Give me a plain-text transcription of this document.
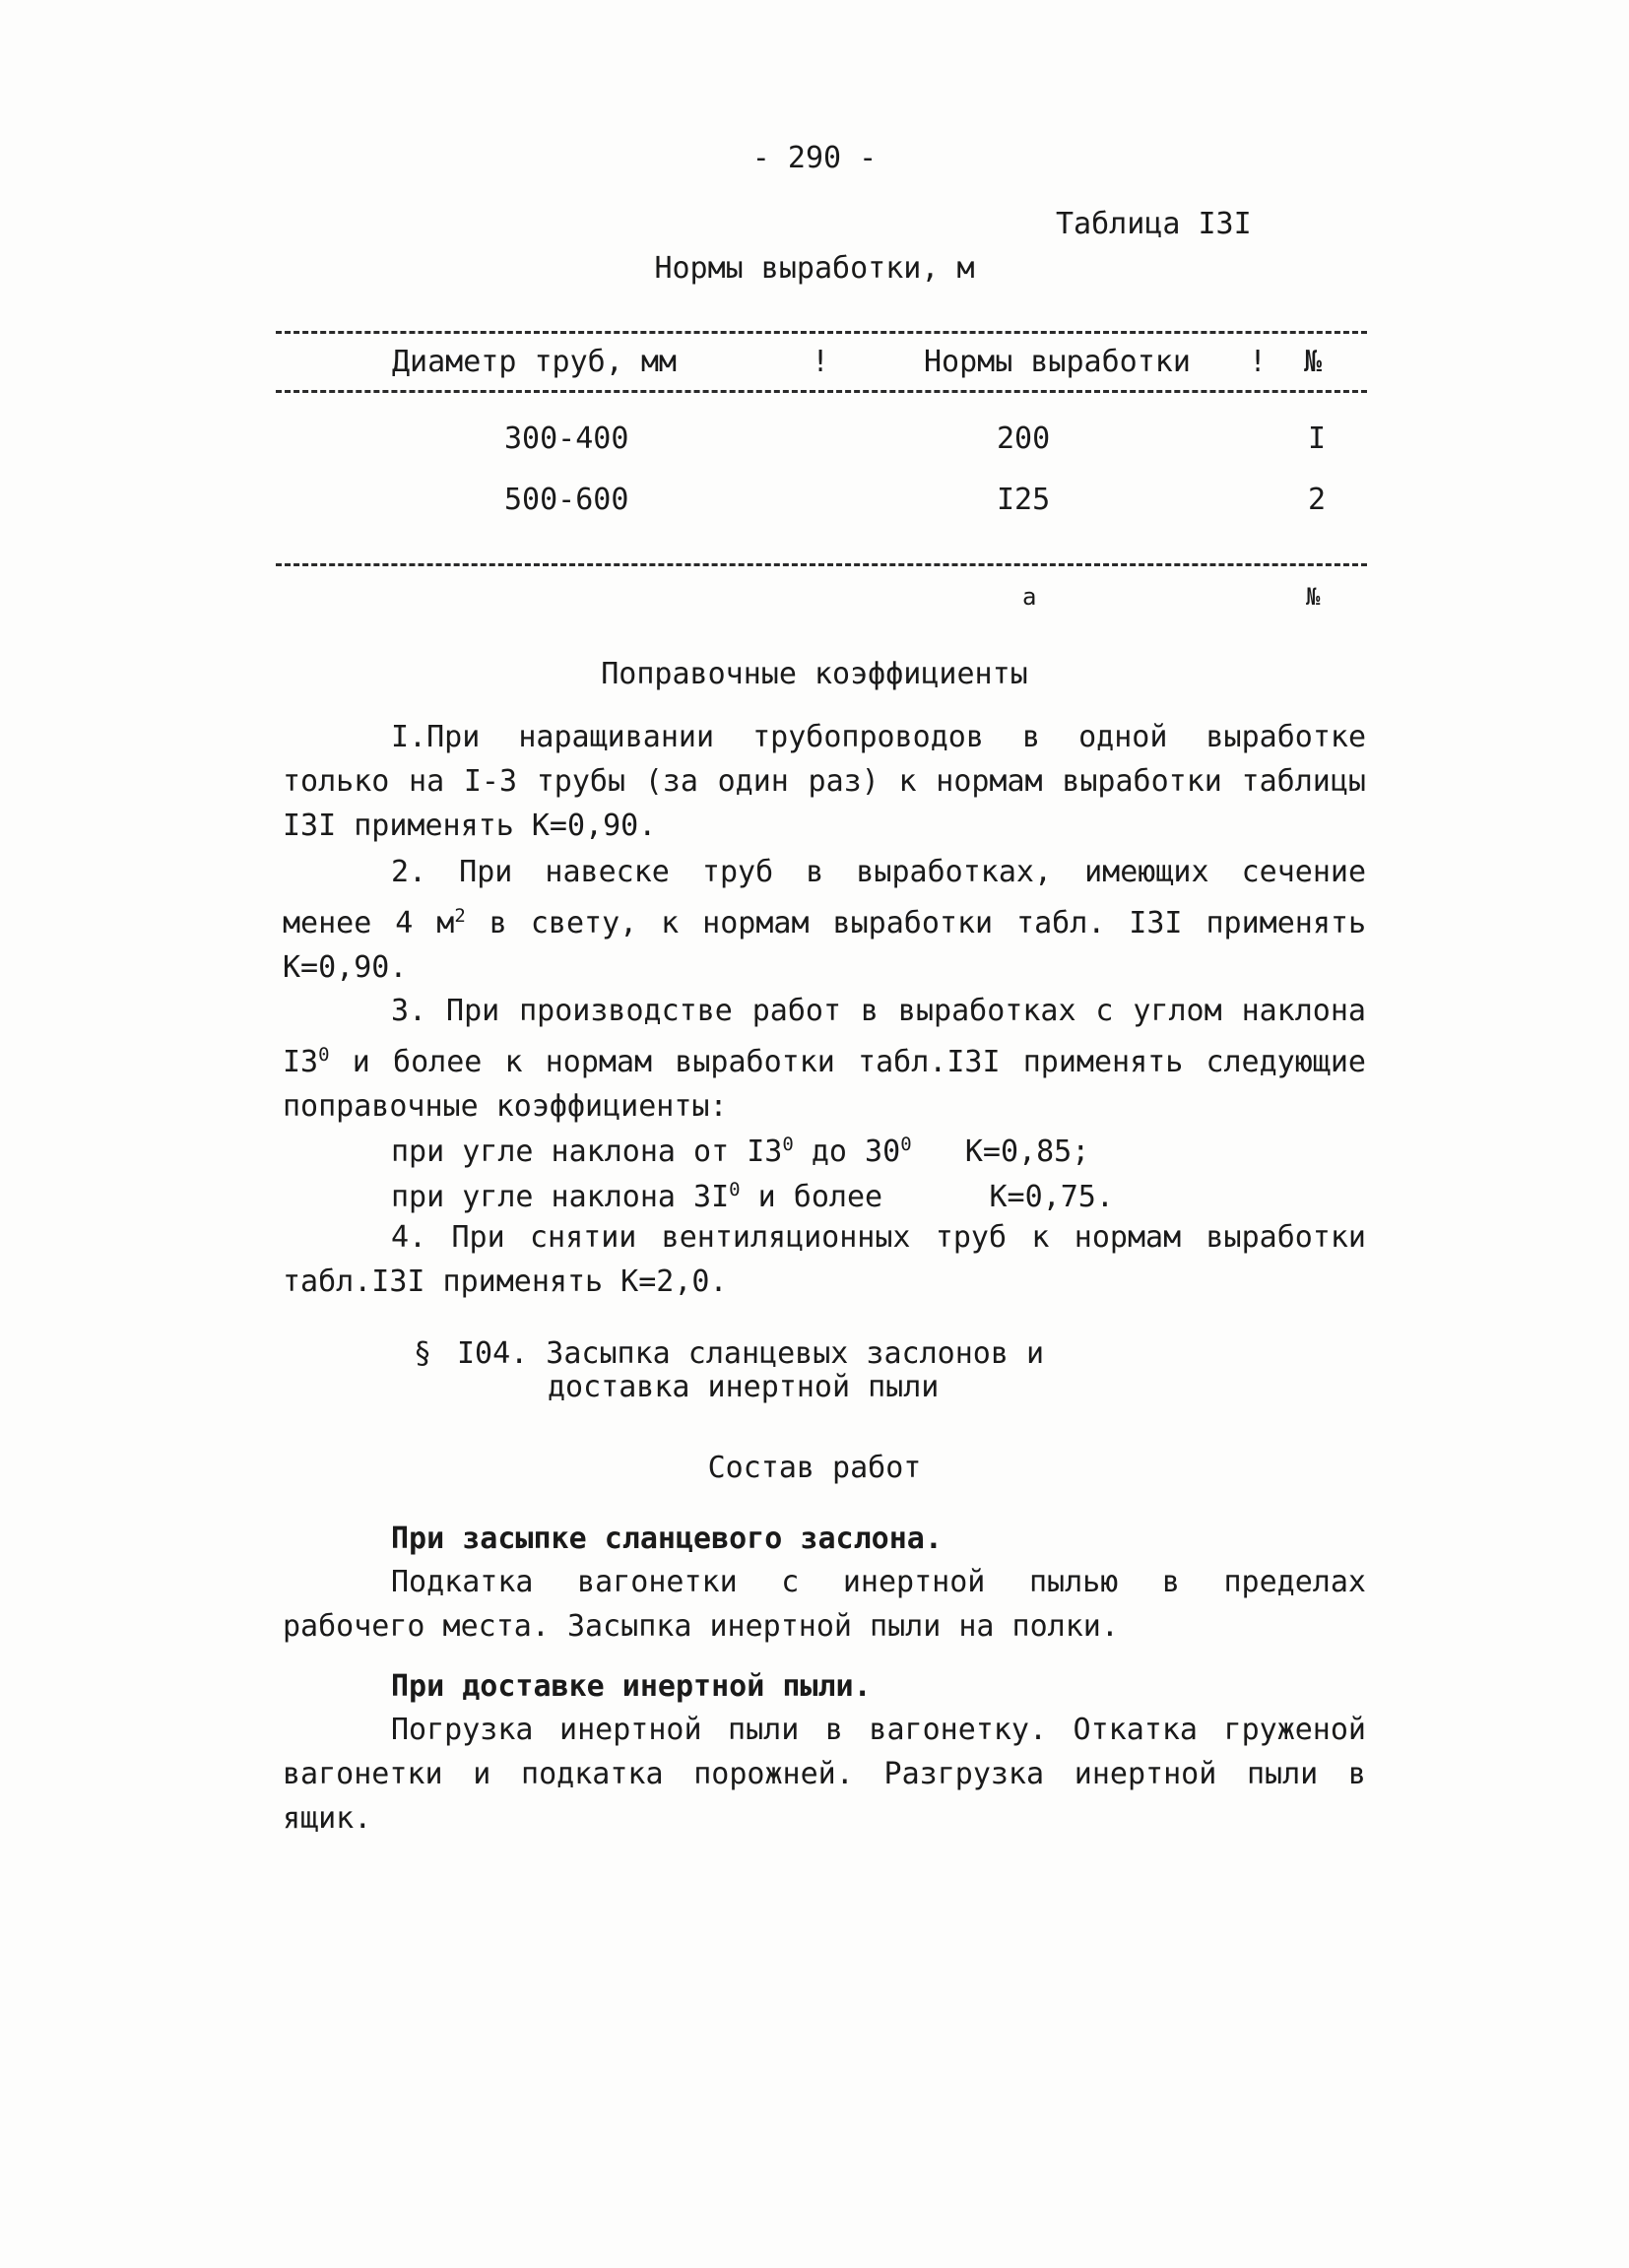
- 290 -
Таблица I3I
Нормы выработки, м
Диаметр труб, мм	!	Нормы выработки ! №
300-400	200	I
500-600	I25	2
а	№
Поправочные коэффициенты
I.При наращивании трубопроводов в одной выработке только на I-3 трубы (за один раз) к нормам выработки таблицы I3I применять К=0,90.
2. При навеске труб в выработках, имеющих сечение менее 4 $м^2$ в свету, к нормам выработки табл. I3I применять К=0,90.
3. При производстве работ в выработках с углом наклона $I3^0$ и более к нормам выработки табл.I3I применять следующие поправочные коэффициенты:
при угле наклона от $I3^0$ до $30^0$   К=0,85;
при угле наклона $3I^0$ и более      К=0,75.
4. При снятии вентиляционных труб к нормам выработки табл.I3I применять К=2,0.
§ I04. Засыпка сланцевых заслонов и
доставка инертной пыли
Состав работ
При засыпке сланцевого заслона.
Подкатка вагонетки с инертной пылью в пределах рабочего места. Засыпка инертной пыли на полки.
При доставке инертной пыли.
Погрузка инертной пыли в вагонетку. Откатка груженой вагонетки и подкатка порожней. Разгрузка инертной пыли в ящик.
